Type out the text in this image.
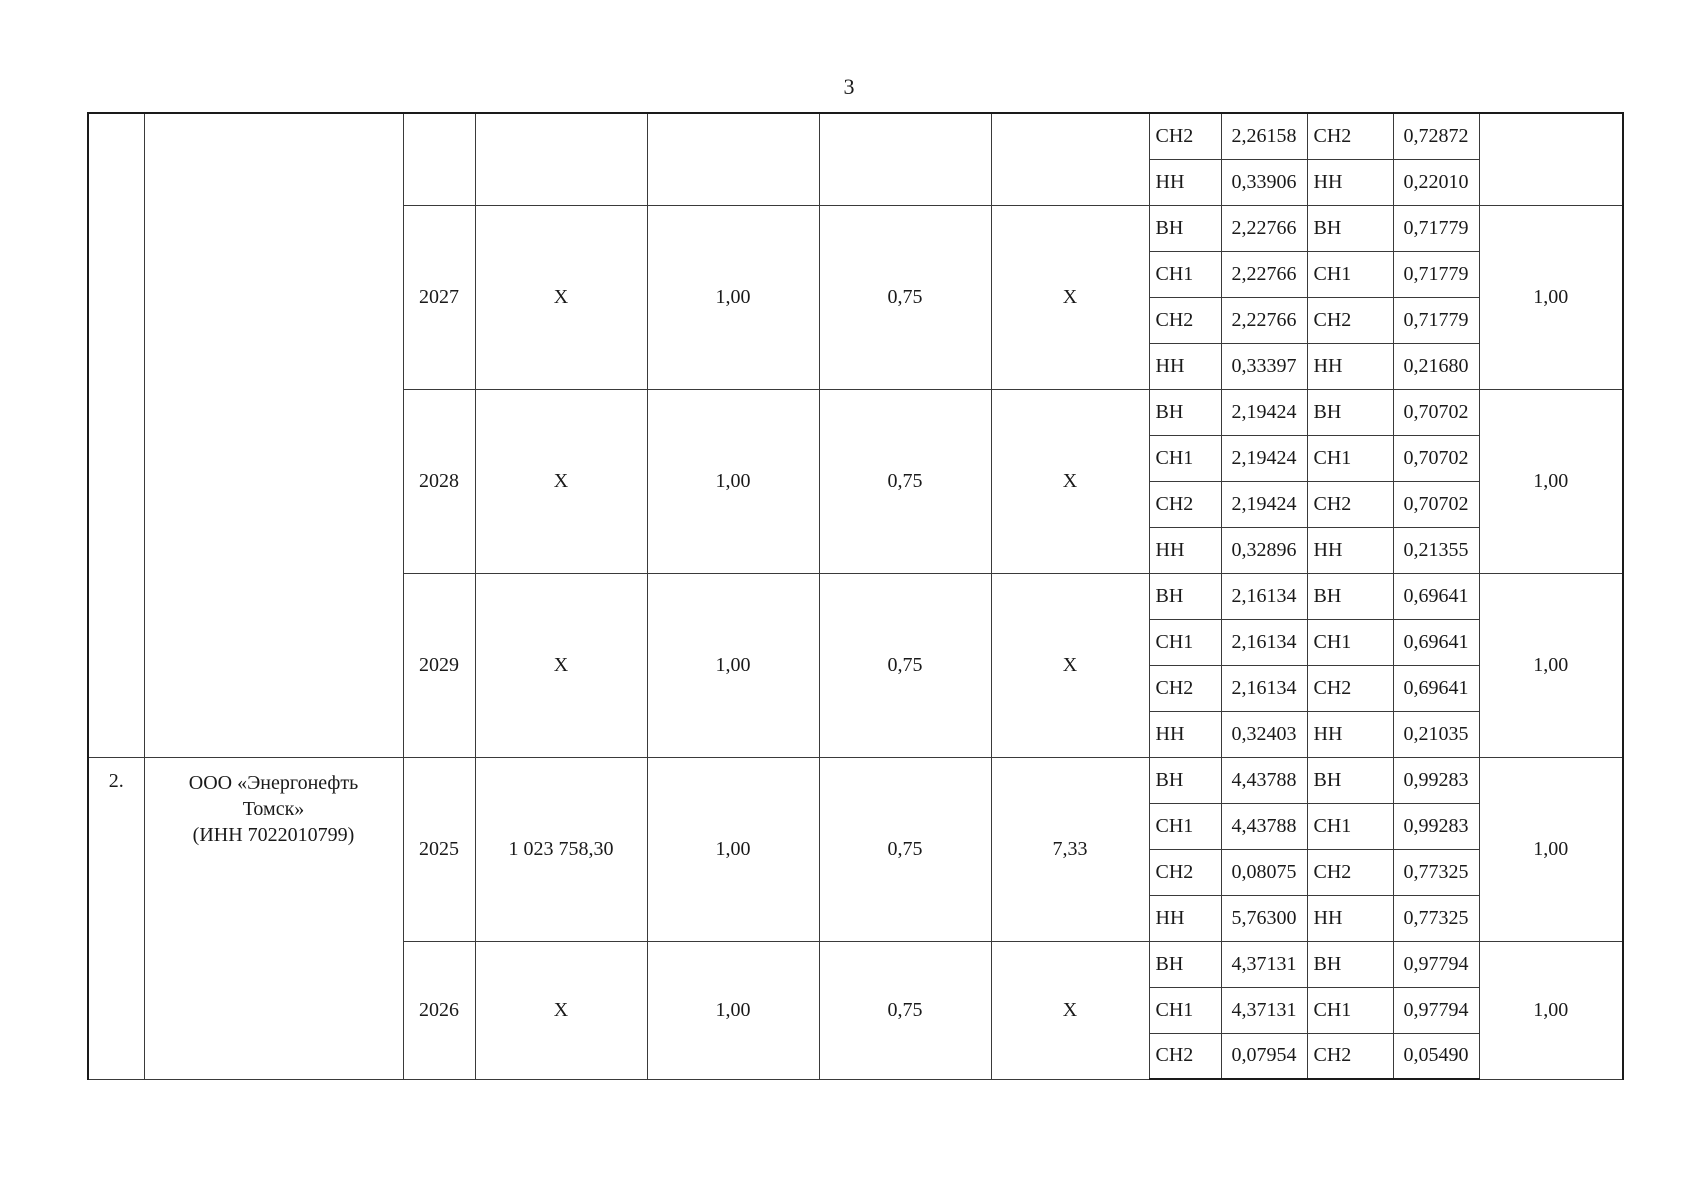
3
							СН2	2,26158	СН2	0,72872	
							НН	0,33906	НН	0,22010	
		2027	X	1,00	0,75	X	ВН	2,22766	ВН	0,71779	1,00
							СН1	2,22766	СН1	0,71779	
							СН2	2,22766	СН2	0,71779	
							НН	0,33397	НН	0,21680	
		2028	X	1,00	0,75	X	ВН	2,19424	ВН	0,70702	1,00
							СН1	2,19424	СН1	0,70702	
							СН2	2,19424	СН2	0,70702	
							НН	0,32896	НН	0,21355	
		2029	X	1,00	0,75	X	ВН	2,16134	ВН	0,69641	1,00
							СН1	2,16134	СН1	0,69641	
							СН2	2,16134	СН2	0,69641	
							НН	0,32403	НН	0,21035	
2.	ООО «Энергонефть
Томск»
(ИНН 7022010799)	2025	1 023 758,30	1,00	0,75	7,33	ВН	4,43788	ВН	0,99283	1,00
							СН1	4,43788	СН1	0,99283	
							СН2	0,08075	СН2	0,77325	
							НН	5,76300	НН	0,77325	
		2026	X	1,00	0,75	X	ВН	4,37131	ВН	0,97794	1,00
							СН1	4,37131	СН1	0,97794	
							СН2	0,07954	СН2	0,05490	
